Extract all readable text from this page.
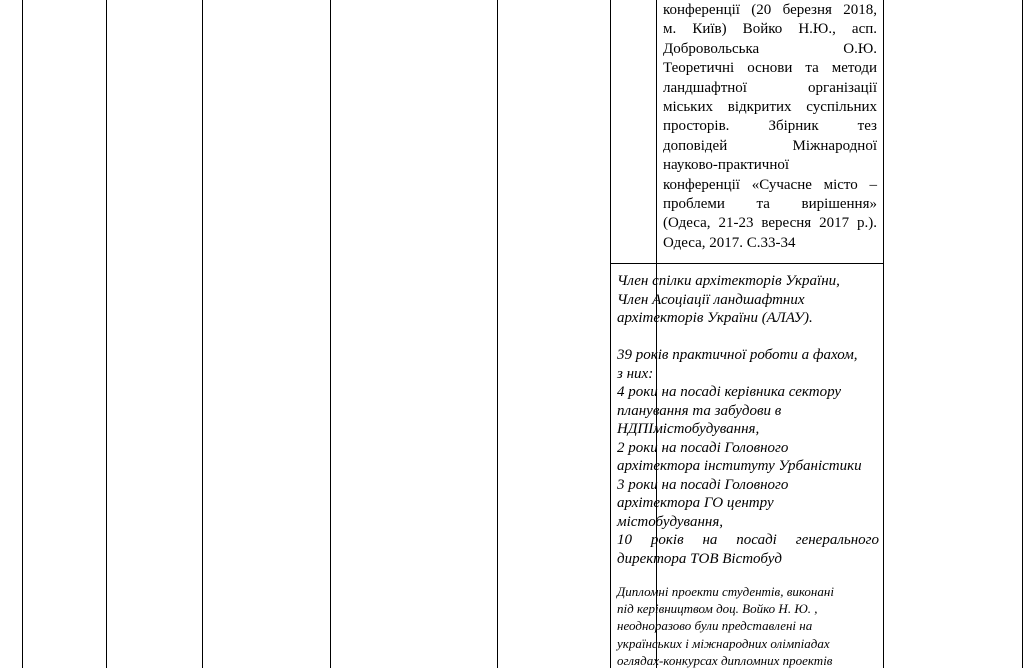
конференції (20 березня 2018,
м. Київ) Войко Н.Ю., асп.
Добровольська О.Ю.
Теоретичні основи та методи
ландшафтної організації
міських відкритих суспільних
просторів. Збірник тез
доповідей Міжнародної
науково-практичної
конференції «Сучасне місто –
проблеми та вирішення»
(Одеса, 21-23 вересня 2017 р.).
Одеса, 2017. С.33-34
Член спілки архітекторів України,
Член Асоціації ландшафтних
архітекторів України (АЛАУ).
39 років практичної роботи а фахом,
з них:
4 роки на посаді керівника сектору
планування та забудови в
НДПІмістобудування,
2 роки на посаді Головного
архітектора інституту Урбаністики
3 роки на посаді Головного
архітектора ГО центру
містобудування,
10 років на посаді генерального
директора ТОВ Вістобуд
Дипломні проекти студентів, виконані
під керівництвом доц. Войко Н. Ю. ,
неодноразово були представлені на
українських і міжнародних олімпіадах
оглядах-конкурсах дипломних проектів
